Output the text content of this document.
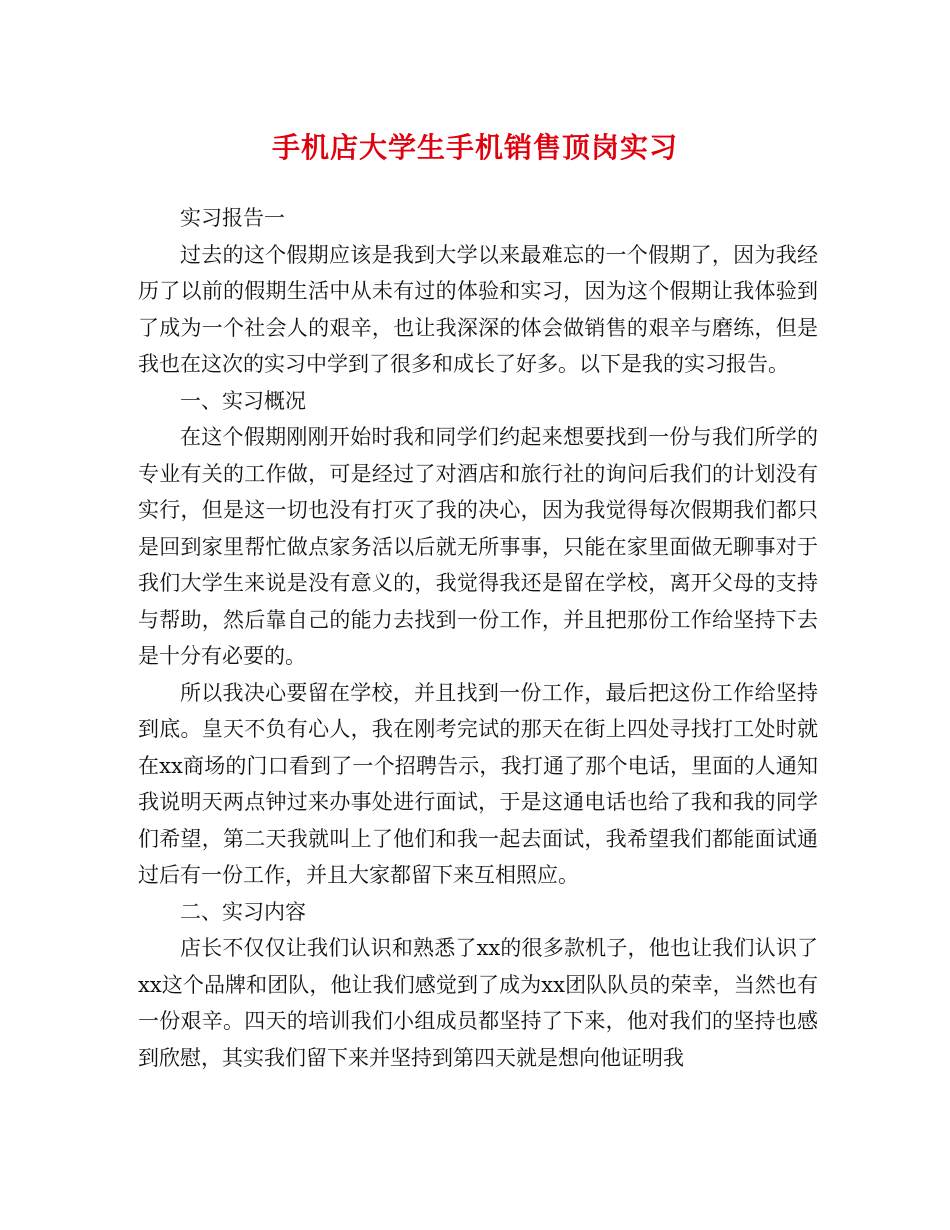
手机店大学生手机销售顶岗实习

实习报告一

过去的这个假期应该是我到大学以来最难忘的一个假期了，因为我经历了以前的假期生活中从未有过的体验和实习，因为这个假期让我体验到了成为一个社会人的艰辛，也让我深深的体会做销售的艰辛与磨练，但是我也在这次的实习中学到了很多和成长了好多。以下是我的实习报告。

一、实习概况

在这个假期刚刚开始时我和同学们约起来想要找到一份与我们所学的专业有关的工作做，可是经过了对酒店和旅行社的询问后我们的计划没有实行，但是这一切也没有打灭了我的决心，因为我觉得每次假期我们都只是回到家里帮忙做点家务活以后就无所事事，只能在家里面做无聊事对于我们大学生来说是没有意义的，我觉得我还是留在学校，离开父母的支持与帮助，然后靠自己的能力去找到一份工作，并且把那份工作给坚持下去是十分有必要的。

所以我决心要留在学校，并且找到一份工作，最后把这份工作给坚持到底。皇天不负有心人，我在刚考完试的那天在街上四处寻找打工处时就在xx商场的门口看到了一个招聘告示，我打通了那个电话，里面的人通知我说明天两点钟过来办事处进行面试，于是这通电话也给了我和我的同学们希望，第二天我就叫上了他们和我一起去面试，我希望我们都能面试通过后有一份工作，并且大家都留下来互相照应。

二、实习内容

店长不仅仅让我们认识和熟悉了xx的很多款机子，他也让我们认识了xx这个品牌和团队，他让我们感觉到了成为xx团队队员的荣幸，当然也有一份艰辛。四天的培训我们小组成员都坚持了下来，他对我们的坚持也感到欣慰，其实我们留下来并坚持到第四天就是想向他证明我
